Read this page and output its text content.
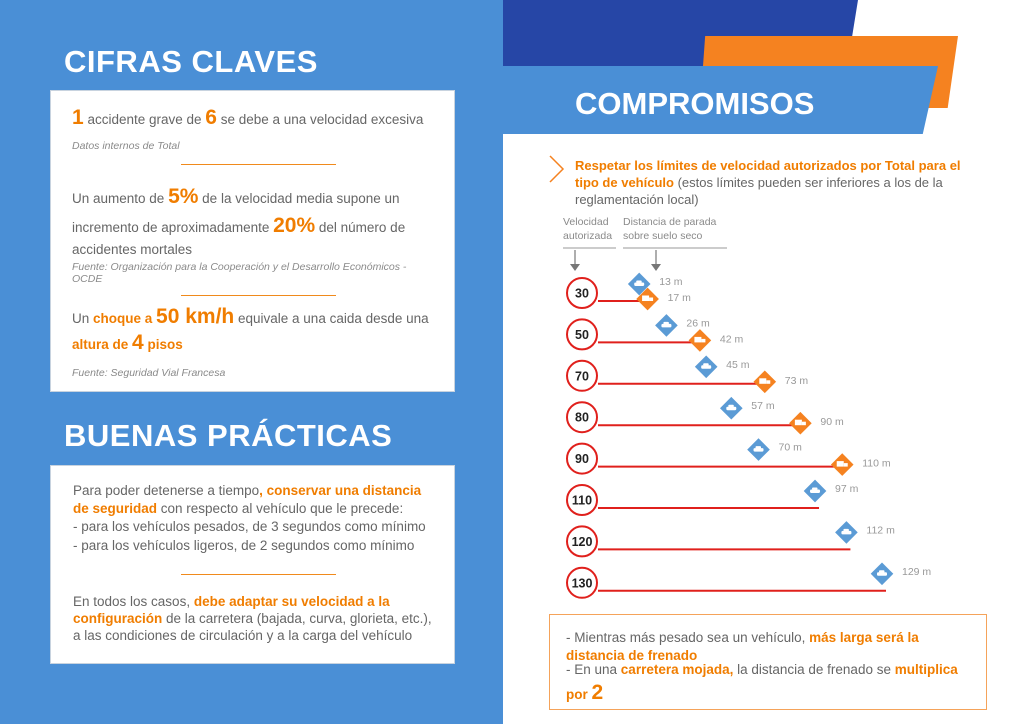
CIFRAS CLAVES
1 accidente grave de 6 se debe a una velocidad excesiva
Datos internos de Total
Un aumento de 5% de la velocidad media supone un
incremento de aproximadamente 20% del número de
accidentes mortales
Fuente: Organización para la Cooperación y el Desarrollo Económicos - OCDE
Un choque a 50 km/h equivale a una caida desde una
altura de 4 pisos
Fuente: Seguridad Vial Francesa
BUENAS PRÁCTICAS
Para poder detenerse a tiempo, conservar una distancia
de seguridad con respecto al vehículo que le precede:
- para los vehículos pesados, de 3 segundos como mínimo
- para los vehículos ligeros, de 2 segundos como mínimo
En todos los casos, debe adaptar su velocidad a la
configuración de la carretera (bajada, curva, glorieta, etc.),
a las condiciones de circulación y a la carga del vehículo
COMPROMISOS
Respetar los límites de velocidad autorizados por Total para el tipo de vehículo (estos límites pueden ser inferiores a los de la reglamentación local)
Velocidad autorizada
Distancia de parada sobre suelo seco
30
13 m
17 m
50
26 m
42 m
70
45 m
73 m
80
57 m
90 m
90
70 m
110 m
110
97 m
120
112 m
130
129 m
- Mientras más pesado sea un vehículo, más larga será la distancia de frenado
- En una carretera mojada, la distancia de frenado se multiplica
por 2
